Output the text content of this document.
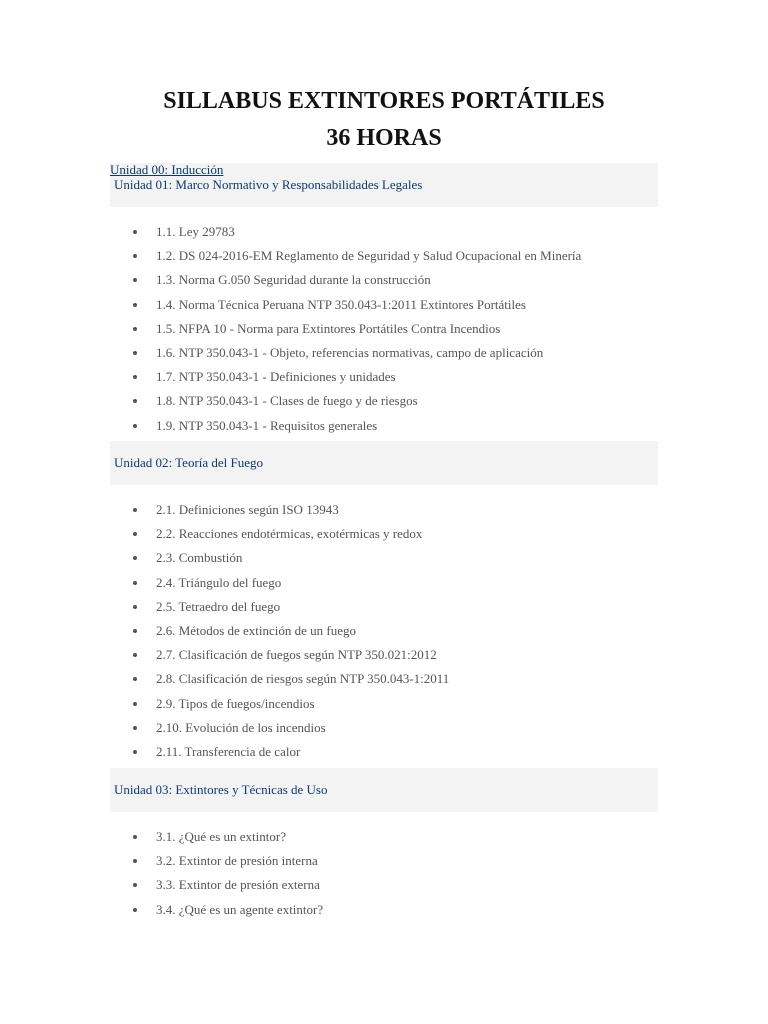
SILLABUS EXTINTORES PORTÁTILES
36 HORAS
Unidad 01: Marco Normativo y Responsabilidades Legales
Unidad 00: Inducción
1.1. Ley 29783
1.2. DS 024-2016-EM Reglamento de Seguridad y Salud Ocupacional en Minería
1.3. Norma G.050 Seguridad durante la construcción
1.4. Norma Técnica Peruana NTP 350.043-1:2011 Extintores Portátiles
1.5. NFPA 10 - Norma para Extintores Portátiles Contra Incendios
1.6. NTP 350.043-1 - Objeto, referencias normativas, campo de aplicación
1.7. NTP 350.043-1 - Definiciones y unidades
1.8. NTP 350.043-1 - Clases de fuego y de riesgos
1.9. NTP 350.043-1 - Requisitos generales
Unidad 02: Teoría del Fuego
2.1. Definiciones según ISO 13943
2.2. Reacciones endotérmicas, exotérmicas y redox
2.3. Combustión
2.4. Triángulo del fuego
2.5. Tetraedro del fuego
2.6. Métodos de extinción de un fuego
2.7. Clasificación de fuegos según NTP 350.021:2012
2.8. Clasificación de riesgos según NTP 350.043-1:2011
2.9. Tipos de fuegos/incendios
2.10. Evolución de los incendios
2.11. Transferencia de calor
Unidad 03: Extintores y Técnicas de Uso
3.1. ¿Qué es un extintor?
3.2. Extintor de presión interna
3.3. Extintor de presión externa
3.4. ¿Qué es un agente extintor?
